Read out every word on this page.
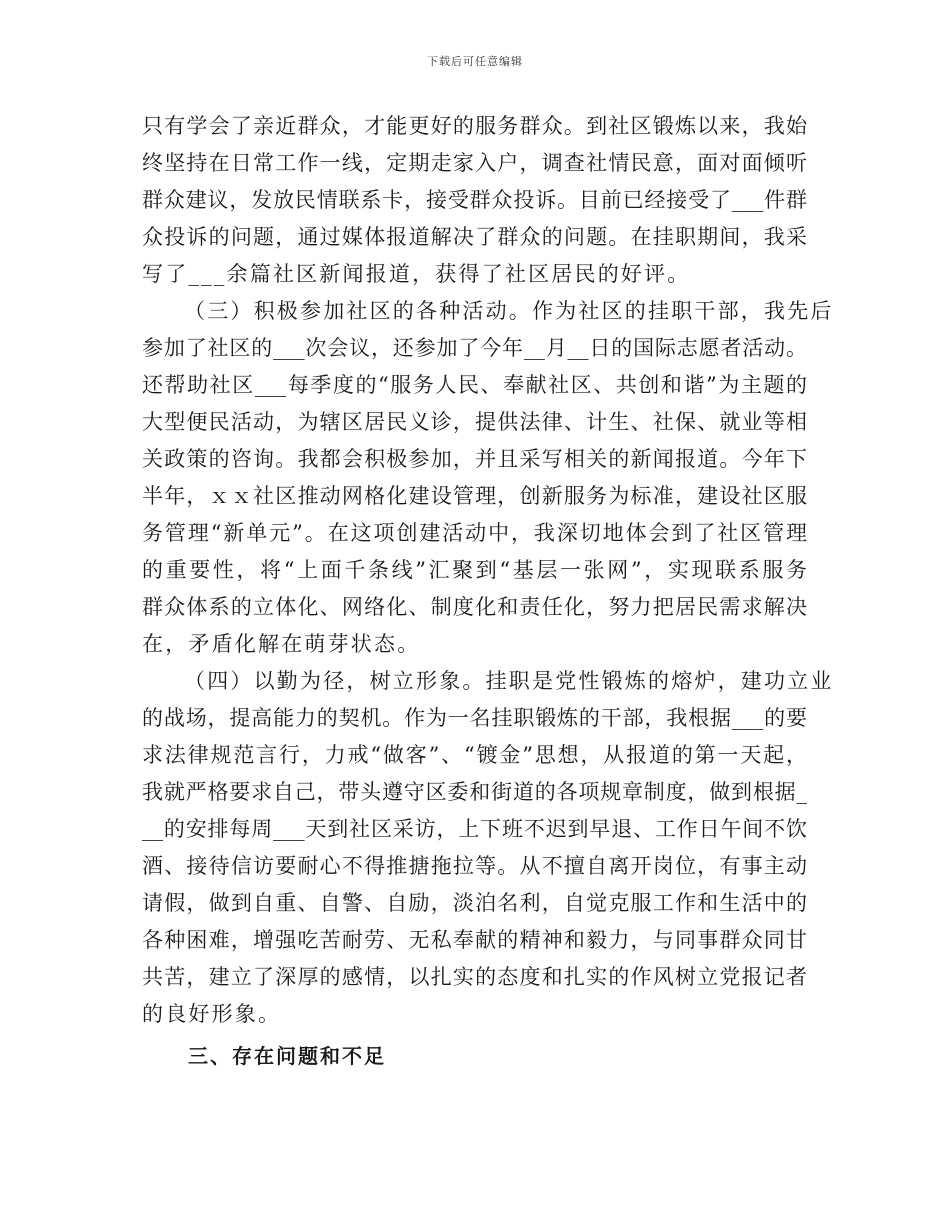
下载后可任意编辑
只有学会了亲近群众，才能更好的服务群众。到社区锻炼以来，我始
终坚持在日常工作一线，定期走家入户，调查社情民意，面对面倾听
群众建议，发放民情联系卡，接受群众投诉。目前已经接受了___件群
众投诉的问题，通过媒体报道解决了群众的问题。在挂职期间，我采
写了___余篇社区新闻报道，获得了社区居民的好评。
（三）积极参加社区的各种活动。作为社区的挂职干部，我先后
参加了社区的___次会议，还参加了今年__月__日的国际志愿者活动。
还帮助社区___每季度的“服务人民、奉献社区、共创和谐”为主题的
大型便民活动，为辖区居民义诊，提供法律、计生、社保、就业等相
关政策的咨询。我都会积极参加，并且采写相关的新闻报道。今年下
半年，ｘｘ社区推动网格化建设管理，创新服务为标准，建设社区服
务管理“新单元”。在这项创建活动中，我深切地体会到了社区管理
的重要性，将“上面千条线”汇聚到“基层一张网”，实现联系服务
群众体系的立体化、网络化、制度化和责任化，努力把居民需求解决
在，矛盾化解在萌芽状态。
（四）以勤为径，树立形象。挂职是党性锻炼的熔炉，建功立业
的战场，提高能力的契机。作为一名挂职锻炼的干部，我根据___的要
求法律规范言行，力戒“做客”、“镀金”思想，从报道的第一天起，
我就严格要求自己，带头遵守区委和街道的各项规章制度，做到根据_
__的安排每周___天到社区采访，上下班不迟到早退、工作日午间不饮
酒、接待信访要耐心不得推搪拖拉等。从不擅自离开岗位，有事主动
请假，做到自重、自警、自励，淡泊名利，自觉克服工作和生活中的
各种困难，增强吃苦耐劳、无私奉献的精神和毅力，与同事群众同甘
共苦，建立了深厚的感情，以扎实的态度和扎实的作风树立党报记者
的良好形象。
三、存在问题和不足
